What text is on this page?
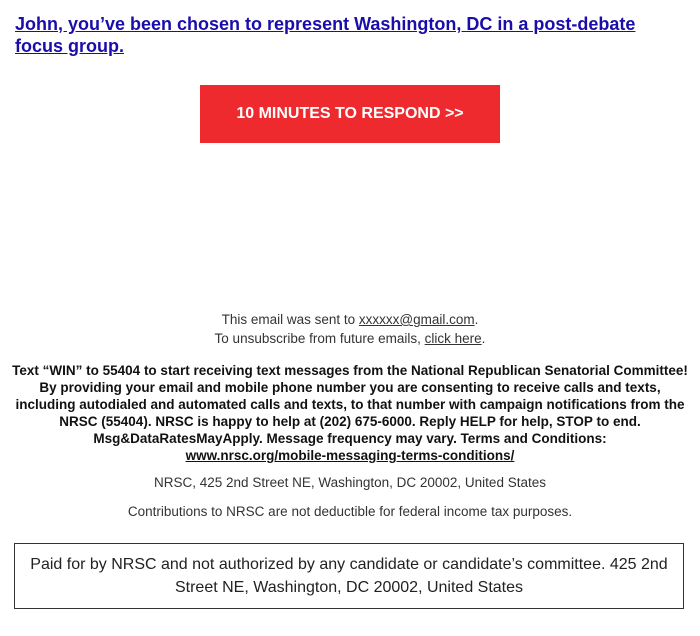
John, you’ve been chosen to represent Washington, DC in a post-debate focus group.
10 MINUTES TO RESPOND >>
This email was sent to xxxxxx@gmail.com.
To unsubscribe from future emails, click here.
Text “WIN” to 55404 to start receiving text messages from the National Republican Senatorial Committee! By providing your email and mobile phone number you are consenting to receive calls and texts, including autodialed and automated calls and texts, to that number with campaign notifications from the NRSC (55404). NRSC is happy to help at (202) 675-6000. Reply HELP for help, STOP to end. Msg&DataRatesMayApply. Message frequency may vary. Terms and Conditions:
www.nrsc.org/mobile-messaging-terms-conditions/
NRSC, 425 2nd Street NE, Washington, DC 20002, United States
Contributions to NRSC are not deductible for federal income tax purposes.
Paid for by NRSC and not authorized by any candidate or candidate’s committee. 425 2nd Street NE, Washington, DC 20002, United States
